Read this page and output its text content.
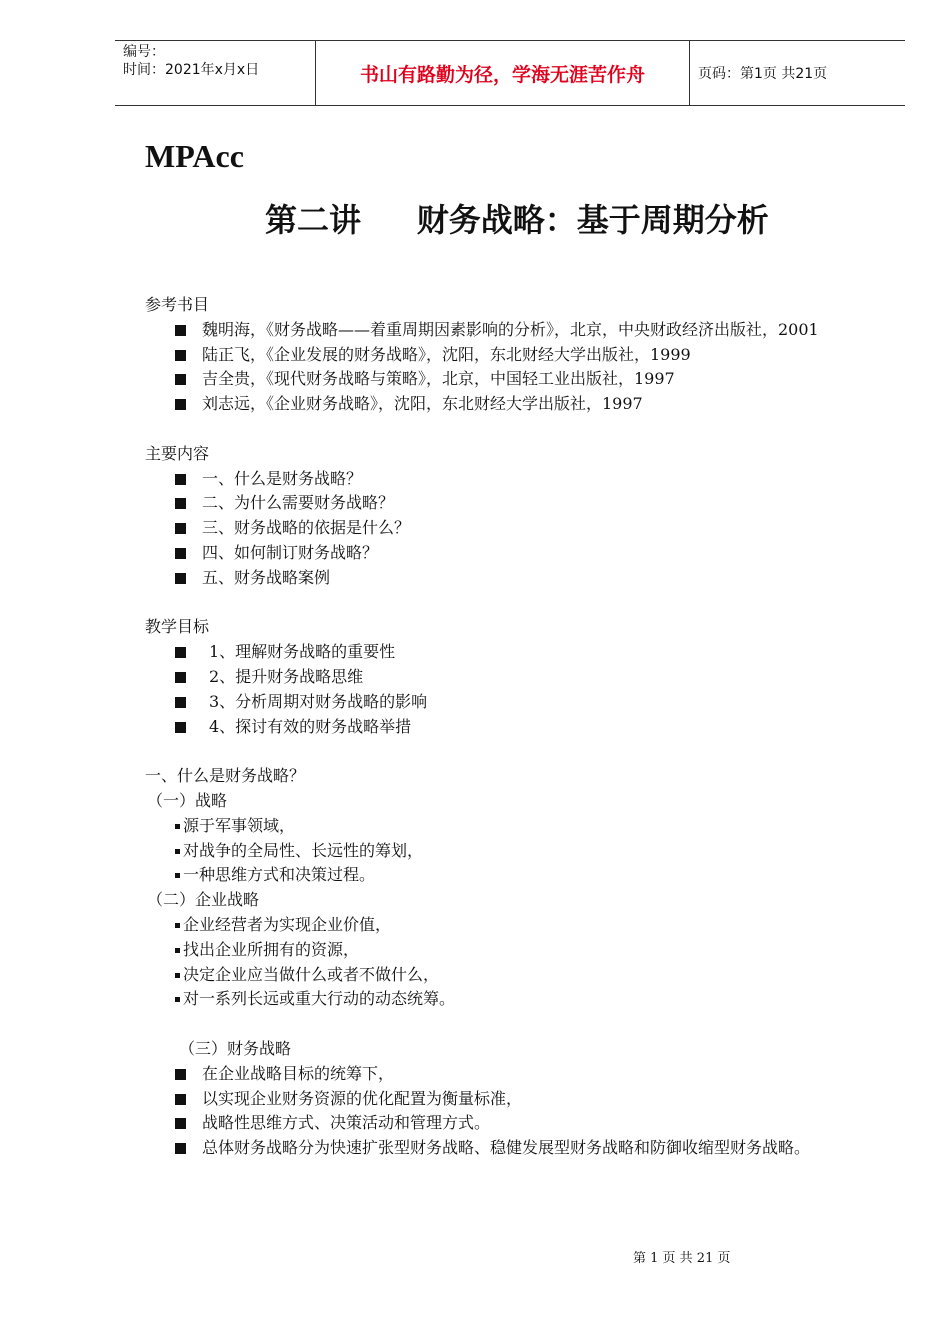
编号：
时间：2021年x月x日	书山有路勤为径，学海无涯苦作舟	页码：第1页 共21页
MPAcc
第二讲     财务战略：基于周期分析
参考书目
魏明海，《财务战略——着重周期因素影响的分析》，北京，中央财政经济出版社，2001
陆正飞，《企业发展的财务战略》，沈阳，东北财经大学出版社，1999
吉全贵，《现代财务战略与策略》，北京，中国轻工业出版社，1997
刘志远，《企业财务战略》，沈阳，东北财经大学出版社，1997
主要内容
一、什么是财务战略？
二、为什么需要财务战略？
三、财务战略的依据是什么？
四、如何制订财务战略？
五、财务战略案例
教学目标
1、理解财务战略的重要性
2、提升财务战略思维
3、分析周期对财务战略的影响
4、探讨有效的财务战略举措
一、什么是财务战略？
（一）战略
源于军事领域，
对战争的全局性、长远性的筹划，
一种思维方式和决策过程。
（二）企业战略
企业经营者为实现企业价值，
找出企业所拥有的资源，
决定企业应当做什么或者不做什么，
对一系列长远或重大行动的动态统筹。
（三）财务战略
在企业战略目标的统筹下，
以实现企业财务资源的优化配置为衡量标准，
战略性思维方式、决策活动和管理方式。
总体财务战略分为快速扩张型财务战略、稳健发展型财务战略和防御收缩型财务战略。
第 1 页 共 21 页
